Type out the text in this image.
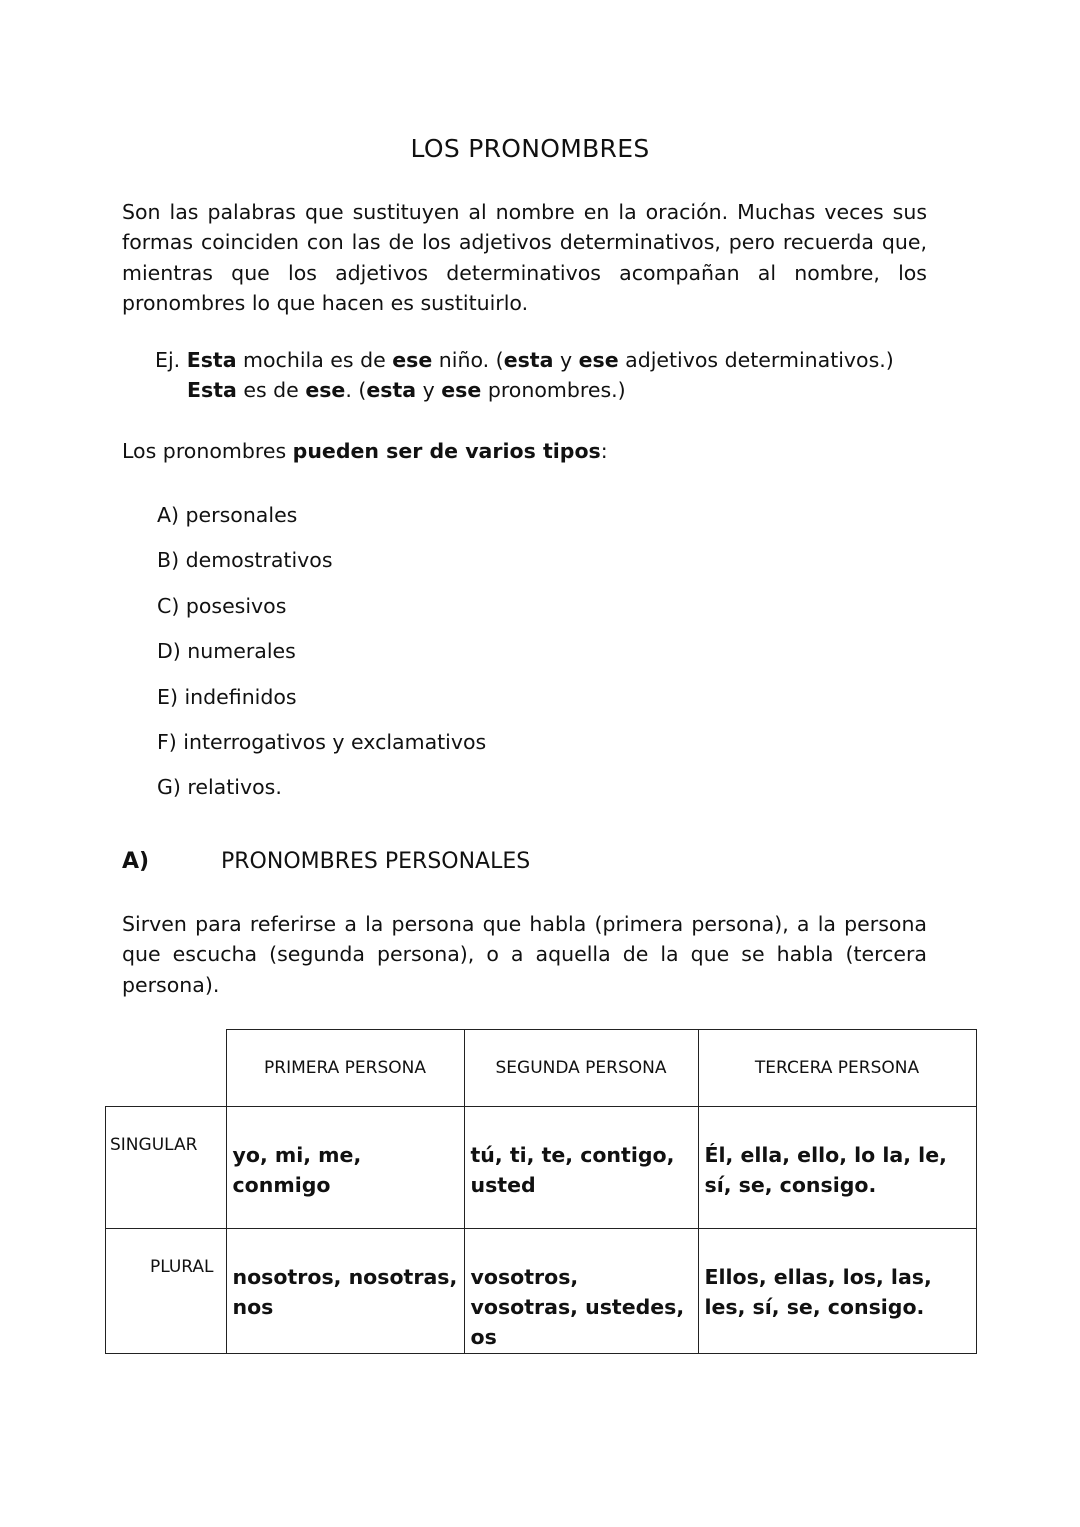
LOS PRONOMBRES

Son las palabras que sustituyen al nombre en la oración. Muchas veces sus formas coinciden con las de los adjetivos determinativos, pero recuerda que, mientras que los adjetivos determinativos acompañan al nombre, los pronombres lo que hacen es sustituirlo.

Ej. Esta mochila es de ese niño. (esta y ese adjetivos determinativos.)
Esta es de ese. (esta y ese pronombres.)
Los pronombres pueden ser de varios tipos:
A) personales
B) demostrativos
C) posesivos
D) numerales
E) indefinidos
F) interrogativos y exclamativos
G) relativos.
A)	PRONOMBRES PERSONALES

Sirven para referirse a la persona que habla (primera persona), a la persona que escucha (segunda persona), o a aquella de la que se habla (tercera persona).

	PRIMERA PERSONA	SEGUNDA PERSONA	TERCERA PERSONA
SINGULAR	yo, mi, me, conmigo	tú, ti, te, contigo, usted	Él, ella, ello, lo la, le, sí, se, consigo.
PLURAL	nosotros, nosotras, nos	vosotros, vosotras, ustedes, os	Ellos, ellas, los, las, les, sí, se, consigo.
